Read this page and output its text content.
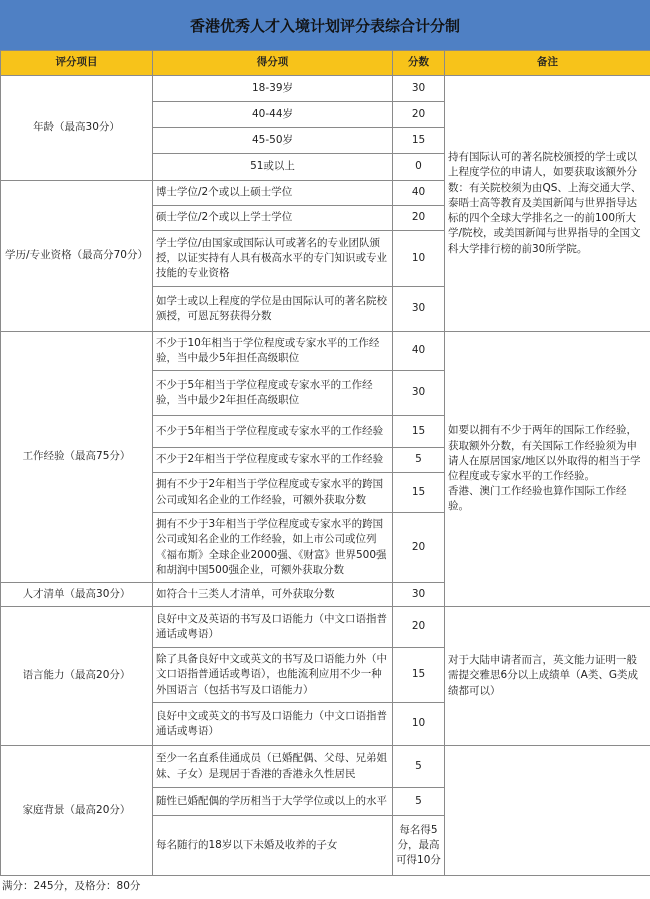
香港优秀人才入境计划评分表综合计分制
评分项目	得分项	分数	备注
年龄（最高30分）	18-39岁	30	持有国际认可的著名院校颁授的学士或以上程度学位的申请人，如要获取该额外分数：有关院校须为由QS、上海交通大学、泰晤士高等教育及美国新闻与世界指导达标的四个全球大学排名之一的前100所大学/院校，或美国新闻与世界指导的全国文科大学排行榜的前30所学院。
	40-44岁	20	
	45-50岁	15	
	51或以上	0	
学历/专业资格（最高分70分）	博士学位/2个或以上硕士学位	40	
	硕士学位/2个或以上学士学位	20	
	学士学位/由国家或国际认可或著名的专业团队颁授，以证实持有人具有极高水平的专门知识或专业技能的专业资格	10	
	如学士或以上程度的学位是由国际认可的著名院校颁授，可恩瓦努获得分数	30	
工作经验（最高75分）	不少于10年相当于学位程度或专家水平的工作经验，当中最少5年担任高级职位	40	如要以拥有不少于两年的国际工作经验，获取额外分数，有关国际工作经验须为申请人在原居国家/地区以外取得的相当于学位程度或专家水平的工作经验。
香港、澳门工作经验也算作国际工作经验。
	不少于5年相当于学位程度或专家水平的工作经验，当中最少2年担任高级职位	30	
	不少于5年相当于学位程度或专家水平的工作经验	15	
	不少于2年相当于学位程度或专家水平的工作经验	5	
	拥有不少于2年相当于学位程度或专家水平的跨国公司或知名企业的工作经验，可额外获取分数	15	
	拥有不少于3年相当于学位程度或专家水平的跨国公司或知名企业的工作经验，如上市公司或位列《福布斯》全球企业2000强、《财富》世界500强和胡润中国500强企业，可额外获取分数	20	
人才清单（最高30分）	如符合十三类人才清单，可外获取分数	30	
语言能力（最高20分）	良好中文及英语的书写及口语能力（中文口语指普通话或粤语）	20	对于大陆申请者而言，英文能力证明一般需提交雅思6分以上成绩单（A类、G类成绩都可以）
	除了具备良好中文或英文的书写及口语能力外（中文口语指普通话或粤语），也能流利应用不少一种外国语言（包括书写及口语能力）	15	
	良好中文或英文的书写及口语能力（中文口语指普通话或粤语）	10	
家庭背景（最高20分）	至少一名直系佳通成员（已婚配偶、父母、兄弟姐妹、子女）是现居于香港的香港永久性居民	5	
	随性已婚配偶的学历相当于大学学位或以上的水平	5	
	每名随行的18岁以下未婚及收养的子女	每名得5分，最高可得10分	
满分：245分，及格分：80分
